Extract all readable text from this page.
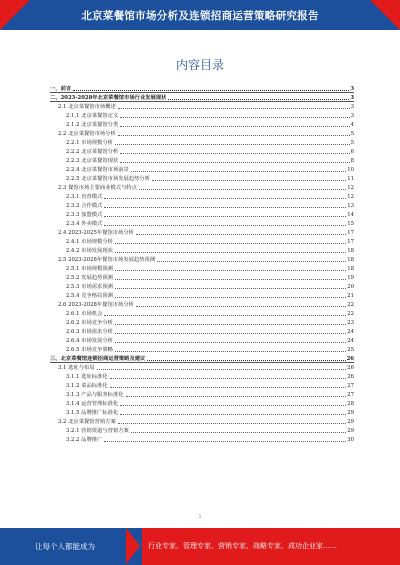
北京菜餐馆市场分析及连锁招商运营策略研究报告
内容目录
一、前言	3
二、2023-2028年北京菜餐馆市场行业发展现状	3
2.1 北京菜餐馆市场概述	3
2.1.1 北京菜餐馆定义	3
2.1.2 北京菜餐馆分类	4
2.2 北京菜餐馆市场分析	5
2.2.1 市场规模分析	5
2.2.2 北京菜餐馆分析	6
2.2.3 北京菜餐馆现状	8
2.2.4 北京菜餐馆市场前景	10
2.2.5 北京菜餐馆市场发展趋势分析	11
2.3 餐馆市场主要商业模式与特点	12
2.3.1 直营模式	12
2.3.2 合作模式	13
2.3.3 加盟模式	14
2.3.4 外卖模式	15
2.4 2023-2025年餐馆市场分析	17
2.4.1 市场规模分析	17
2.4.2 市场发展现状	18
2.5 2023-2028年餐馆市场发展趋势预测	18
2.5.1 市场规模预测	18
2.5.2 发展趋势预测	19
2.5.3 市场需求预测	20
2.5.4 竞争格局预测	21
2.6 2023-2028年餐馆市场分析	22
2.6.1 市场机会	22
2.6.2 市场竞争分析	23
2.6.3 市场需求分析	24
2.6.4 市场发展分析	24
2.6.5 市场竞争策略	25
三、北京菜餐馆连锁招商运营策略及建议	26
3.1 选址与布局	26
3.1.1 选址标准化	26
3.1.2 菜品标准化	27
3.1.3 产品与服务标准化	27
3.1.4 运营管理标准化	28
3.1.5 品牌推广标准化	29
3.2 北京菜餐馆营销方案	29
3.2.1 营销渠道与营销方案	29
3.2.2 品牌推广	30
1
让每个人都能成为	行业专家、管理专家、营销专家、战略专家、成功企业家……
